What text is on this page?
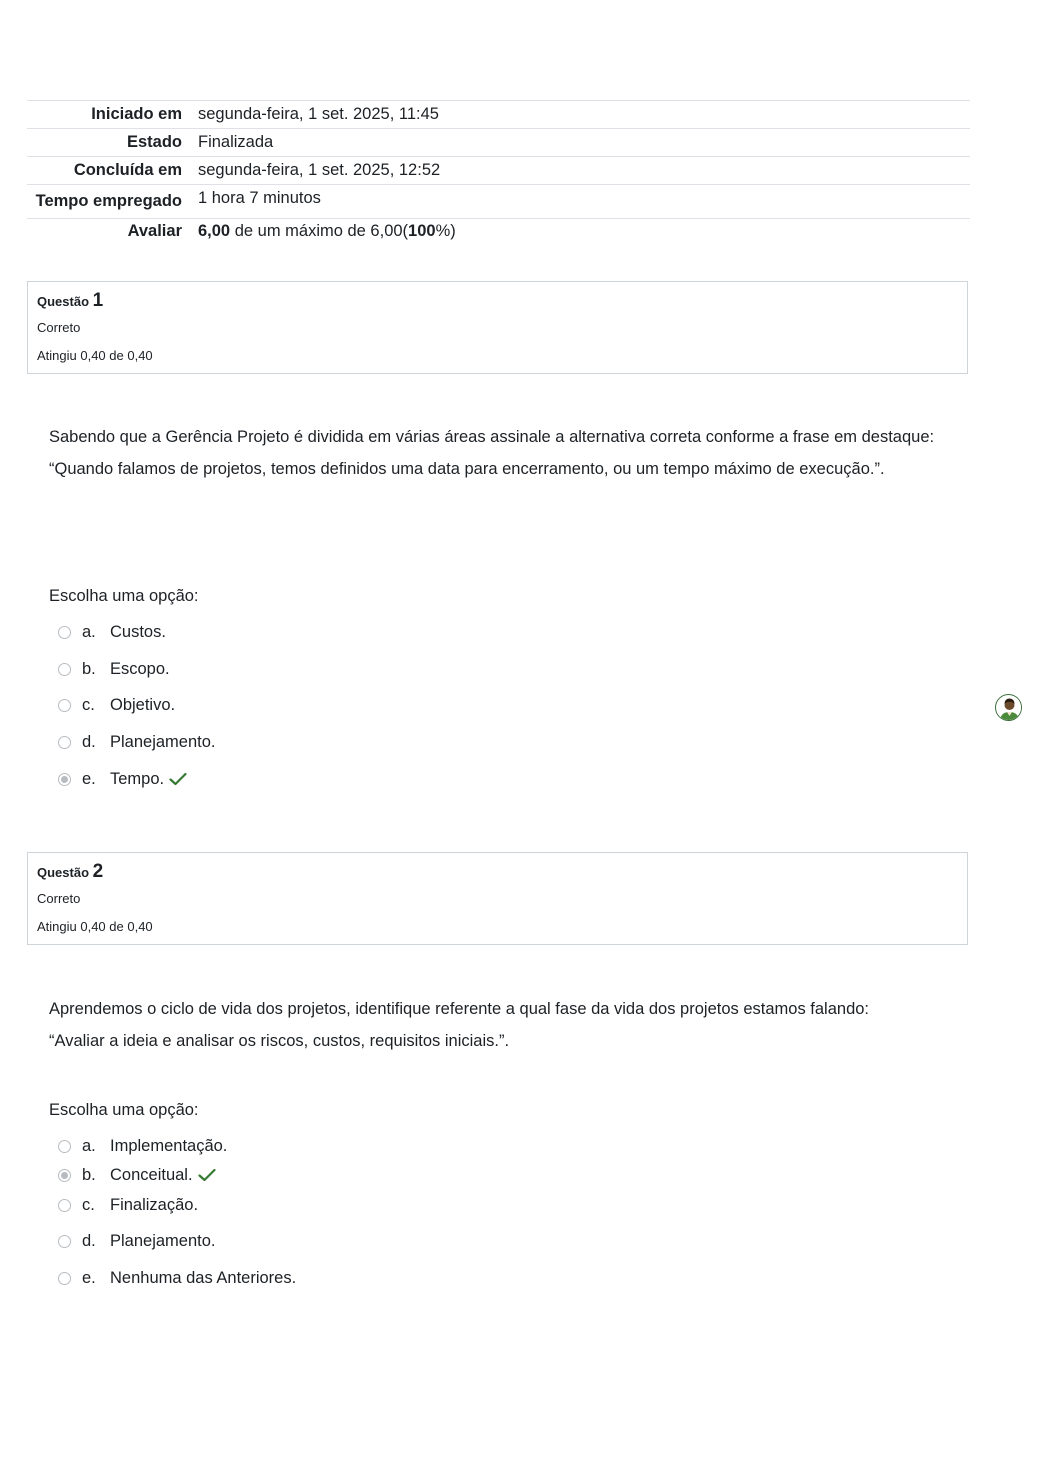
Iniciado em	segunda-feira, 1 set. 2025, 11:45
Estado	Finalizada
Concluída em	segunda-feira, 1 set. 2025, 12:52
Tempo empregado	1 hora 7 minutos
Avaliar	6,00 de um máximo de 6,00(100%)
Questão 1
Correto
Atingiu 0,40 de 0,40

Sabendo que a Gerência Projeto é dividida em várias áreas assinale a alternativa correta conforme a frase em destaque:

“Quando falamos de projetos, temos definidos uma data para encerramento, ou um tempo máximo de execução.”.

Escolha uma opção:
a. Custos.
b. Escopo.
c. Objetivo.
d. Planejamento.
e. Tempo.
Questão 2
Correto
Atingiu 0,40 de 0,40

Aprendemos o ciclo de vida dos projetos, identifique referente a qual fase da vida dos projetos estamos falando:

“Avaliar a ideia e analisar os riscos, custos, requisitos iniciais.”.

Escolha uma opção:
a. Implementação.
b. Conceitual.
c. Finalização.
d. Planejamento.
e. Nenhuma das Anteriores.
